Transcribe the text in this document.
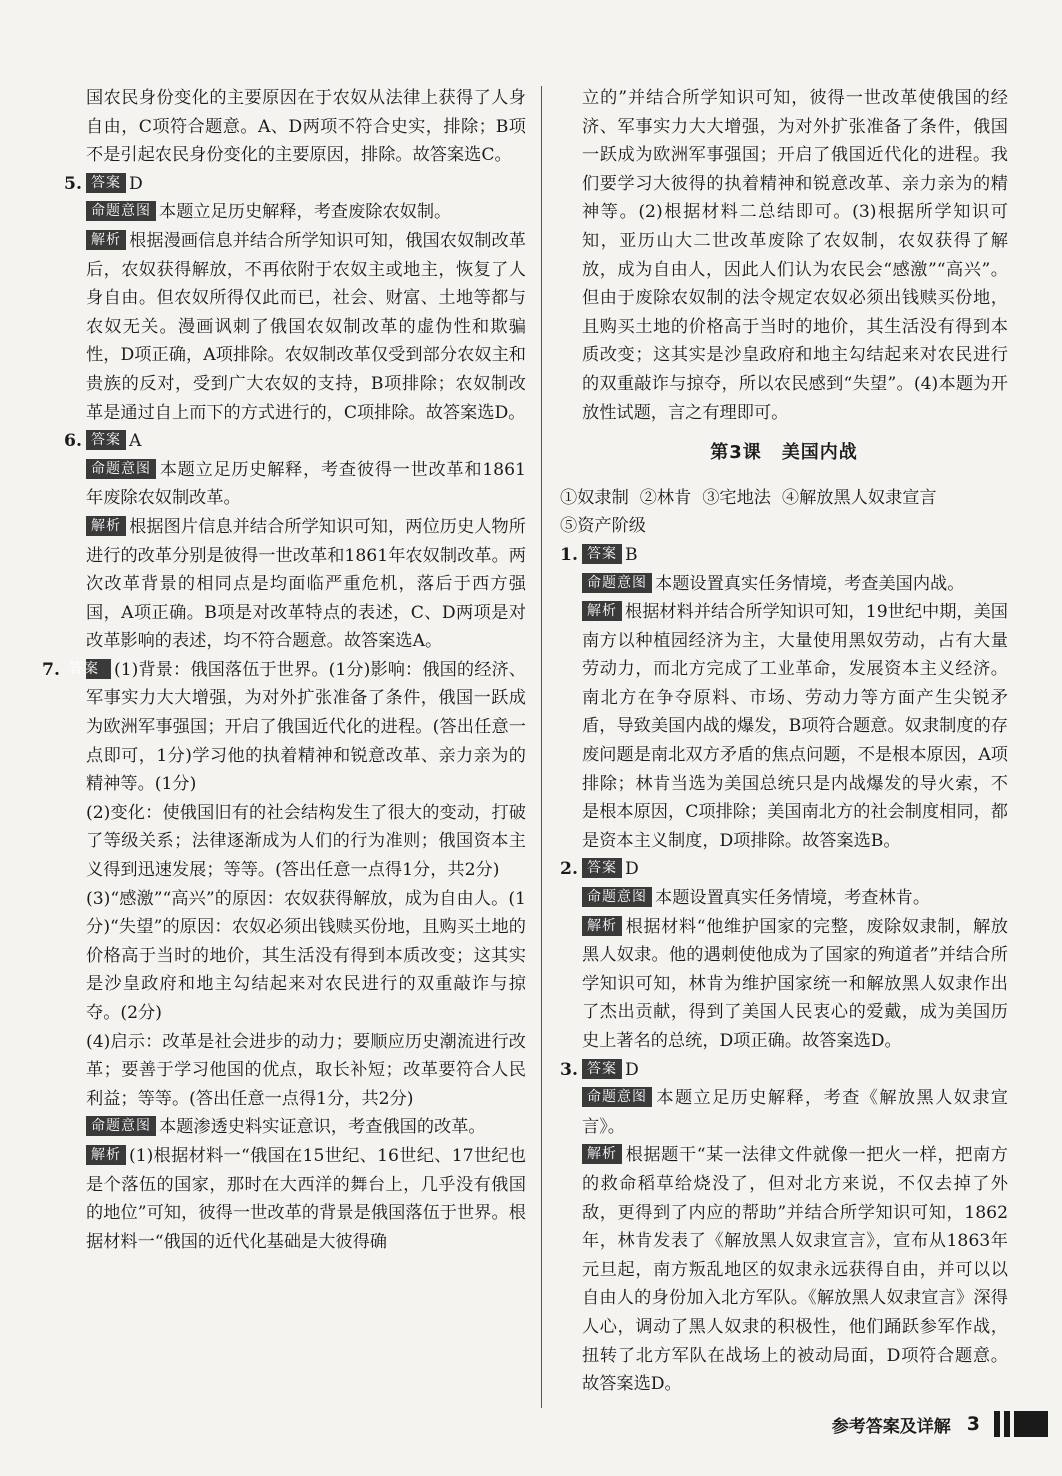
国农民身份变化的主要原因在于农奴从法律上获得了人身自由，C项符合题意。A、D两项不符合史实，排除；B项不是引起农民身份变化的主要原因，排除。故答案选C。

5. 答案 D

命题意图 本题立足历史解释，考查废除农奴制。

解析 根据漫画信息并结合所学知识可知，俄国农奴制改革后，农奴获得解放，不再依附于农奴主或地主，恢复了人身自由。但农奴所得仅此而已，社会、财富、土地等都与农奴无关。漫画讽刺了俄国农奴制改革的虚伪性和欺骗性，D项正确，A项排除。农奴制改革仅受到部分农奴主和贵族的反对，受到广大农奴的支持，B项排除；农奴制改革是通过自上而下的方式进行的，C项排除。故答案选D。

6. 答案 A

命题意图 本题立足历史解释，考查彼得一世改革和1861年废除农奴制改革。

解析 根据图片信息并结合所学知识可知，两位历史人物所进行的改革分别是彼得一世改革和1861年农奴制改革。两次改革背景的相同点是均面临严重危机，落后于西方强国，A项正确。B项是对改革特点的表述，C、D两项是对改革影响的表述，均不符合题意。故答案选A。

7. 答案 (1)背景：俄国落伍于世界。(1分)影响：俄国的经济、军事实力大大增强，为对外扩张准备了条件，俄国一跃成为欧洲军事强国；开启了俄国近代化的进程。(答出任意一点即可，1分)学习他的执着精神和锐意改革、亲力亲为的精神等。(1分)

(2)变化：使俄国旧有的社会结构发生了很大的变动，打破了等级关系；法律逐渐成为人们的行为准则；俄国资本主义得到迅速发展；等等。(答出任意一点得1分，共2分)

(3)“感激”“高兴”的原因：农奴获得解放，成为自由人。(1分)“失望”的原因：农奴必须出钱赎买份地，且购买土地的价格高于当时的地价，其生活没有得到本质改变；这其实是沙皇政府和地主勾结起来对农民进行的双重敲诈与掠夺。(2分)

(4)启示：改革是社会进步的动力；要顺应历史潮流进行改革；要善于学习他国的优点，取长补短；改革要符合人民利益；等等。(答出任意一点得1分，共2分)

命题意图 本题渗透史料实证意识，考查俄国的改革。

解析 (1)根据材料一“俄国在15世纪、16世纪、17世纪也是个落伍的国家，那时在大西洋的舞台上，几乎没有俄国的地位”可知，彼得一世改革的背景是俄国落伍于世界。根据材料一“俄国的近代化基础是大彼得确

立的”并结合所学知识可知，彼得一世改革使俄国的经济、军事实力大大增强，为对外扩张准备了条件，俄国一跃成为欧洲军事强国；开启了俄国近代化的进程。我们要学习大彼得的执着精神和锐意改革、亲力亲为的精神等。(2)根据材料二总结即可。(3)根据所学知识可知，亚历山大二世改革废除了农奴制，农奴获得了解放，成为自由人，因此人们认为农民会“感激”“高兴”。但由于废除农奴制的法令规定农奴必须出钱赎买份地，且购买土地的价格高于当时的地价，其生活没有得到本质改变；这其实是沙皇政府和地主勾结起来对农民进行的双重敲诈与掠夺，所以农民感到“失望”。(4)本题为开放性试题，言之有理即可。

第3课 美国内战

①奴隶制 ②林肯 ③宅地法 ④解放黑人奴隶宣言
⑤资产阶级

1. 答案 B

命题意图 本题设置真实任务情境，考查美国内战。

解析 根据材料并结合所学知识可知，19世纪中期，美国南方以种植园经济为主，大量使用黑奴劳动，占有大量劳动力，而北方完成了工业革命，发展资本主义经济。南北方在争夺原料、市场、劳动力等方面产生尖锐矛盾，导致美国内战的爆发，B项符合题意。奴隶制度的存废问题是南北双方矛盾的焦点问题，不是根本原因，A项排除；林肯当选为美国总统只是内战爆发的导火索，不是根本原因，C项排除；美国南北方的社会制度相同，都是资本主义制度，D项排除。故答案选B。

2. 答案 D

命题意图 本题设置真实任务情境，考查林肯。

解析 根据材料“他维护国家的完整，废除奴隶制，解放黑人奴隶。他的遇刺使他成为了国家的殉道者”并结合所学知识可知，林肯为维护国家统一和解放黑人奴隶作出了杰出贡献，得到了美国人民衷心的爱戴，成为美国历史上著名的总统，D项正确。故答案选D。

3. 答案 D

命题意图 本题立足历史解释，考查《解放黑人奴隶宣言》。

解析 根据题干“某一法律文件就像一把火一样，把南方的救命稻草给烧没了，但对北方来说，不仅去掉了外敌，更得到了内应的帮助”并结合所学知识可知，1862年，林肯发表了《解放黑人奴隶宣言》，宣布从1863年元旦起，南方叛乱地区的奴隶永远获得自由，并可以以自由人的身份加入北方军队。《解放黑人奴隶宣言》深得人心，调动了黑人奴隶的积极性，他们踊跃参军作战，扭转了北方军队在战场上的被动局面，D项符合题意。故答案选D。

参考答案及详解 3
